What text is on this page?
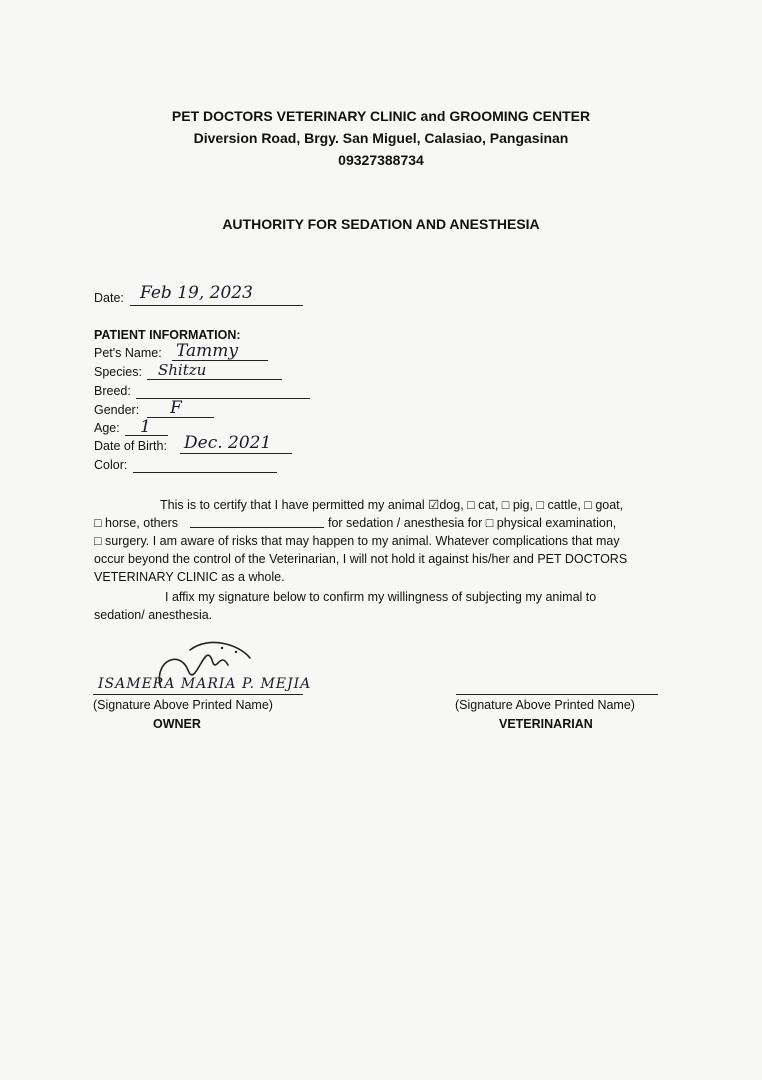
PET DOCTORS VETERINARY CLINIC and GROOMING CENTER
Diversion Road, Brgy. San Miguel, Calasiao, Pangasinan
09327388734
AUTHORITY FOR SEDATION AND ANESTHESIA
Date: Feb 19, 2023
PATIENT INFORMATION:
Pet's Name: Tammy
Species: Shitzu
Breed:
Gender: F
Age: 1
Date of Birth: Dec. 2021
Color:
This is to certify that I have permitted my animal ☑dog, □ cat, □ pig, □ cattle, □ goat,
□ horse, others	for sedation / anesthesia for □ physical examination,
□ surgery. I am aware of risks that may happen to my animal. Whatever complications that may
occur beyond the control of the Veterinarian, I will not hold it against his/her and PET DOCTORS
VETERINARY CLINIC as a whole.
I affix my signature below to confirm my willingness of subjecting my animal to
sedation/ anesthesia.
ISAMERA MARIA P. MEJIA
(Signature Above Printed Name)
OWNER
(Signature Above Printed Name)
VETERINARIAN
